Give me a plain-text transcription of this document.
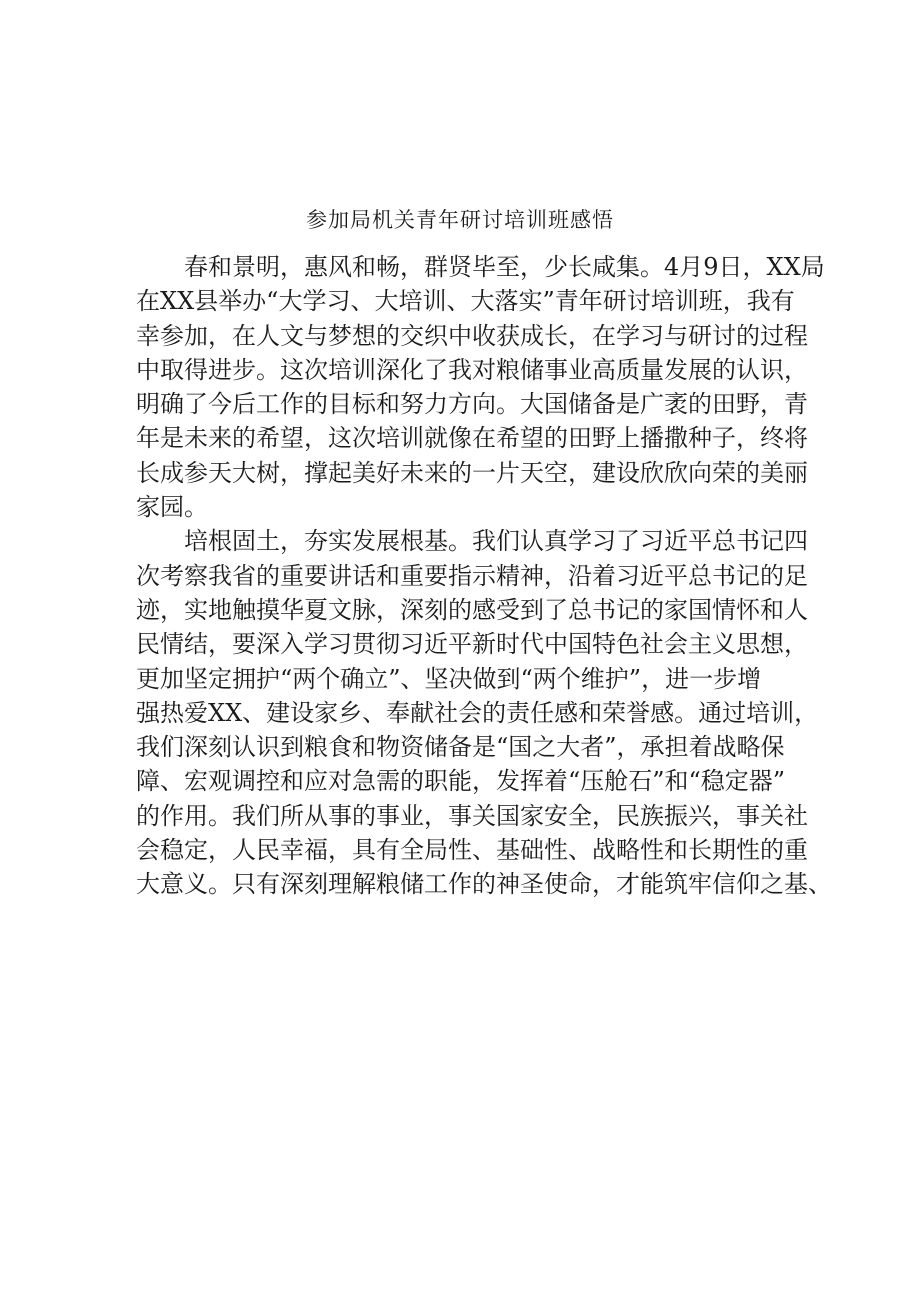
参加局机关青年研讨培训班感悟

春和景明，惠风和畅，群贤毕至，少长咸集。4月9日，XX局
在XX县举办“大学习、大培训、大落实”青年研讨培训班，我有
幸参加，在人文与梦想的交织中收获成长，在学习与研讨的过程
中取得进步。这次培训深化了我对粮储事业高质量发展的认识，
明确了今后工作的目标和努力方向。大国储备是广袤的田野，青
年是未来的希望，这次培训就像在希望的田野上播撒种子，终将
长成参天大树，撑起美好未来的一片天空，建设欣欣向荣的美丽
家园。

培根固土，夯实发展根基。我们认真学习了习近平总书记四
次考察我省的重要讲话和重要指示精神，沿着习近平总书记的足
迹，实地触摸华夏文脉，深刻的感受到了总书记的家国情怀和人
民情结，要深入学习贯彻习近平新时代中国特色社会主义思想，
更加坚定拥护“两个确立”、坚决做到“两个维护”，进一步增
强热爱XX、建设家乡、奉献社会的责任感和荣誉感。通过培训，
我们深刻认识到粮食和物资储备是“国之大者”，承担着战略保
障、宏观调控和应对急需的职能，发挥着“压舱石”和“稳定器”
的作用。我们所从事的事业，事关国家安全，民族振兴，事关社
会稳定，人民幸福，具有全局性、基础性、战略性和长期性的重
大意义。只有深刻理解粮储工作的神圣使命，才能筑牢信仰之基、
